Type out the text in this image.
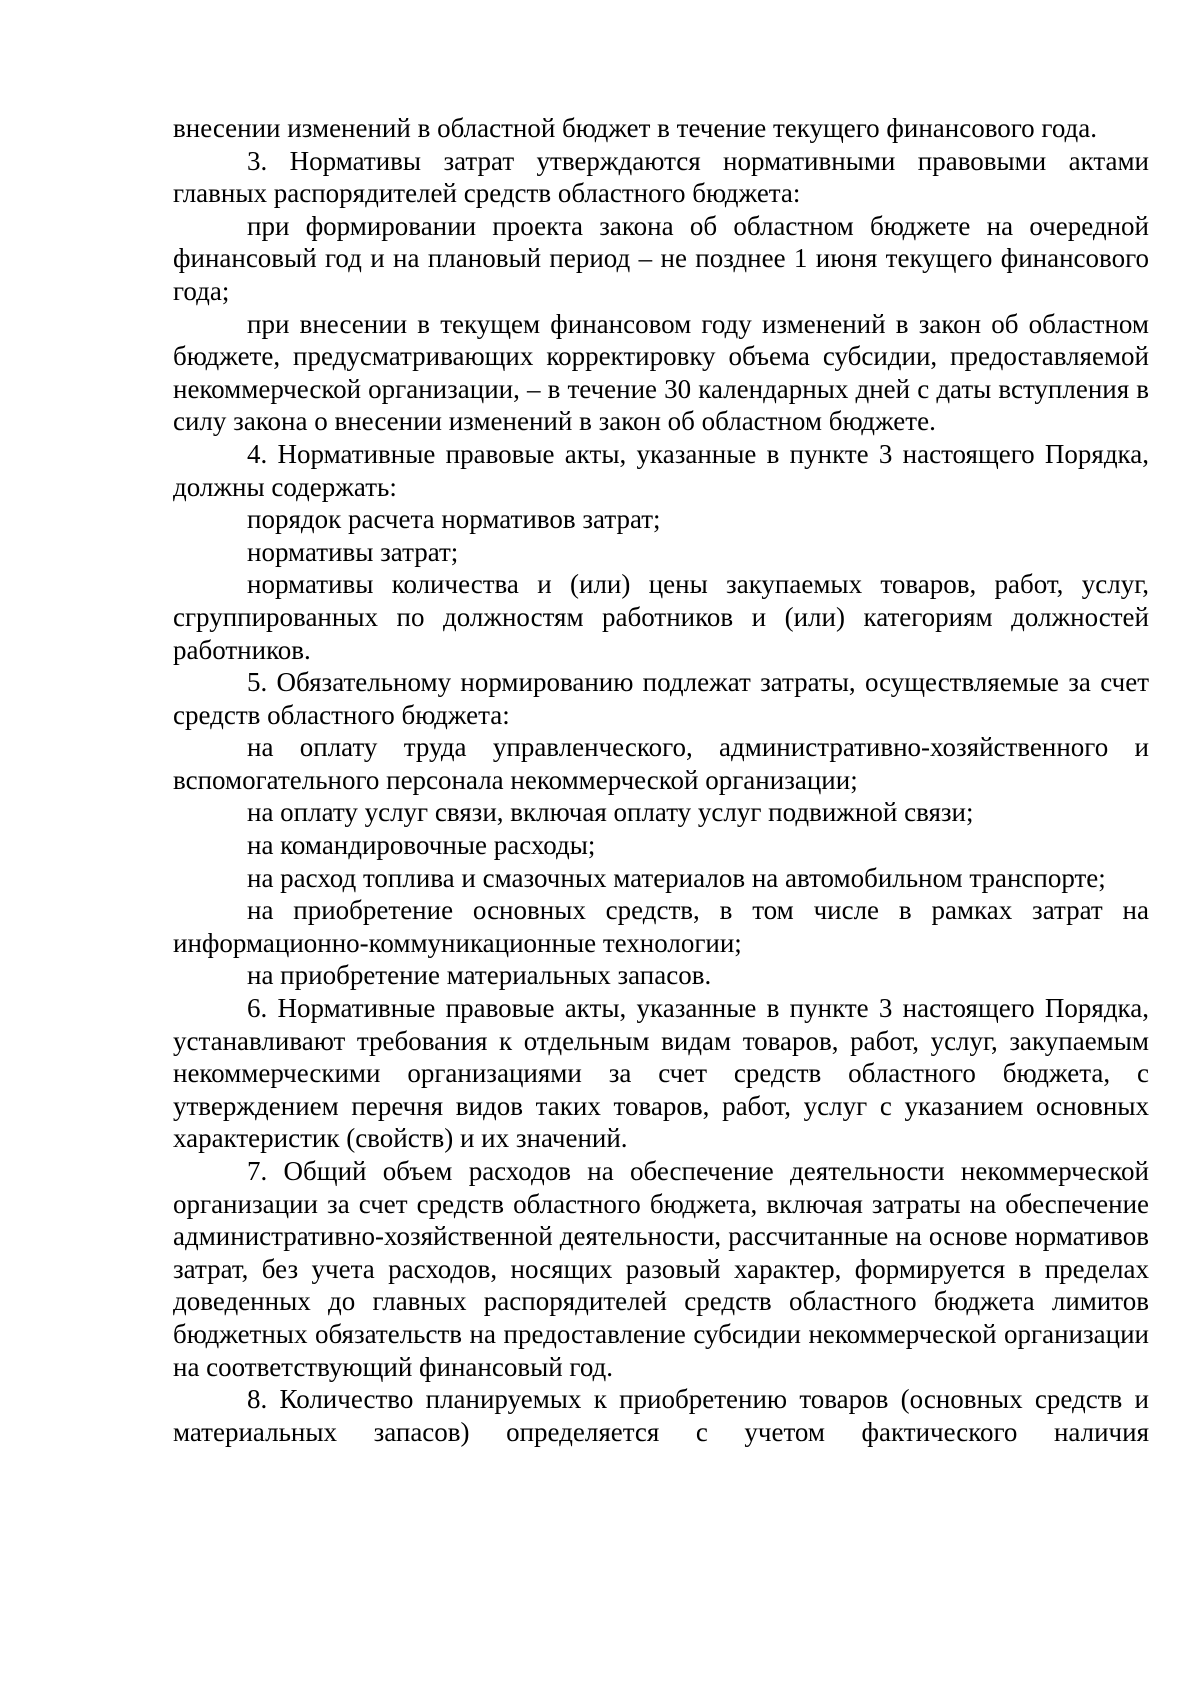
внесении изменений в областной бюджет в течение текущего финансового года.

3. Нормативы затрат утверждаются нормативными правовыми актами главных распорядителей средств областного бюджета:

при формировании проекта закона об областном бюджете на очередной финансовый год и на плановый период – не позднее 1 июня текущего финансового года;

при внесении в текущем финансовом году изменений в закон об областном бюджете, предусматривающих корректировку объема субсидии, предоставляемой некоммерческой организации, – в течение 30 календарных дней с даты вступления в силу закона о внесении изменений в закон об областном бюджете.

4. Нормативные правовые акты, указанные в пункте 3 настоящего Порядка, должны содержать:

порядок расчета нормативов затрат;

нормативы затрат;

нормативы количества и (или) цены закупаемых товаров, работ, услуг, сгруппированных по должностям работников и (или) категориям должностей работников.

5. Обязательному нормированию подлежат затраты, осуществляемые за счет средств областного бюджета:

на оплату труда управленческого, административно-хозяйственного и вспомогательного персонала некоммерческой организации;

на оплату услуг связи, включая оплату услуг подвижной связи;

на командировочные расходы;

на расход топлива и смазочных материалов на автомобильном транспорте;

на приобретение основных средств, в том числе в рамках затрат на информационно-коммуникационные технологии;

на приобретение материальных запасов.

6. Нормативные правовые акты, указанные в пункте 3 настоящего Порядка, устанавливают требования к отдельным видам товаров, работ, услуг, закупаемым некоммерческими организациями за счет средств областного бюджета, с утверждением перечня видов таких товаров, работ, услуг с указанием основных характеристик (свойств) и их значений.

7. Общий объем расходов на обеспечение деятельности некоммерческой организации за счет средств областного бюджета, включая затраты на обеспечение административно-хозяйственной деятельности, рассчитанные на основе нормативов затрат, без учета расходов, носящих разовый характер, формируется в пределах доведенных до главных распорядителей средств областного бюджета лимитов бюджетных обязательств на предоставление субсидии некоммерческой организации на соответствующий финансовый год.

8. Количество планируемых к приобретению товаров (основных средств и материальных запасов) определяется с учетом фактического наличия
